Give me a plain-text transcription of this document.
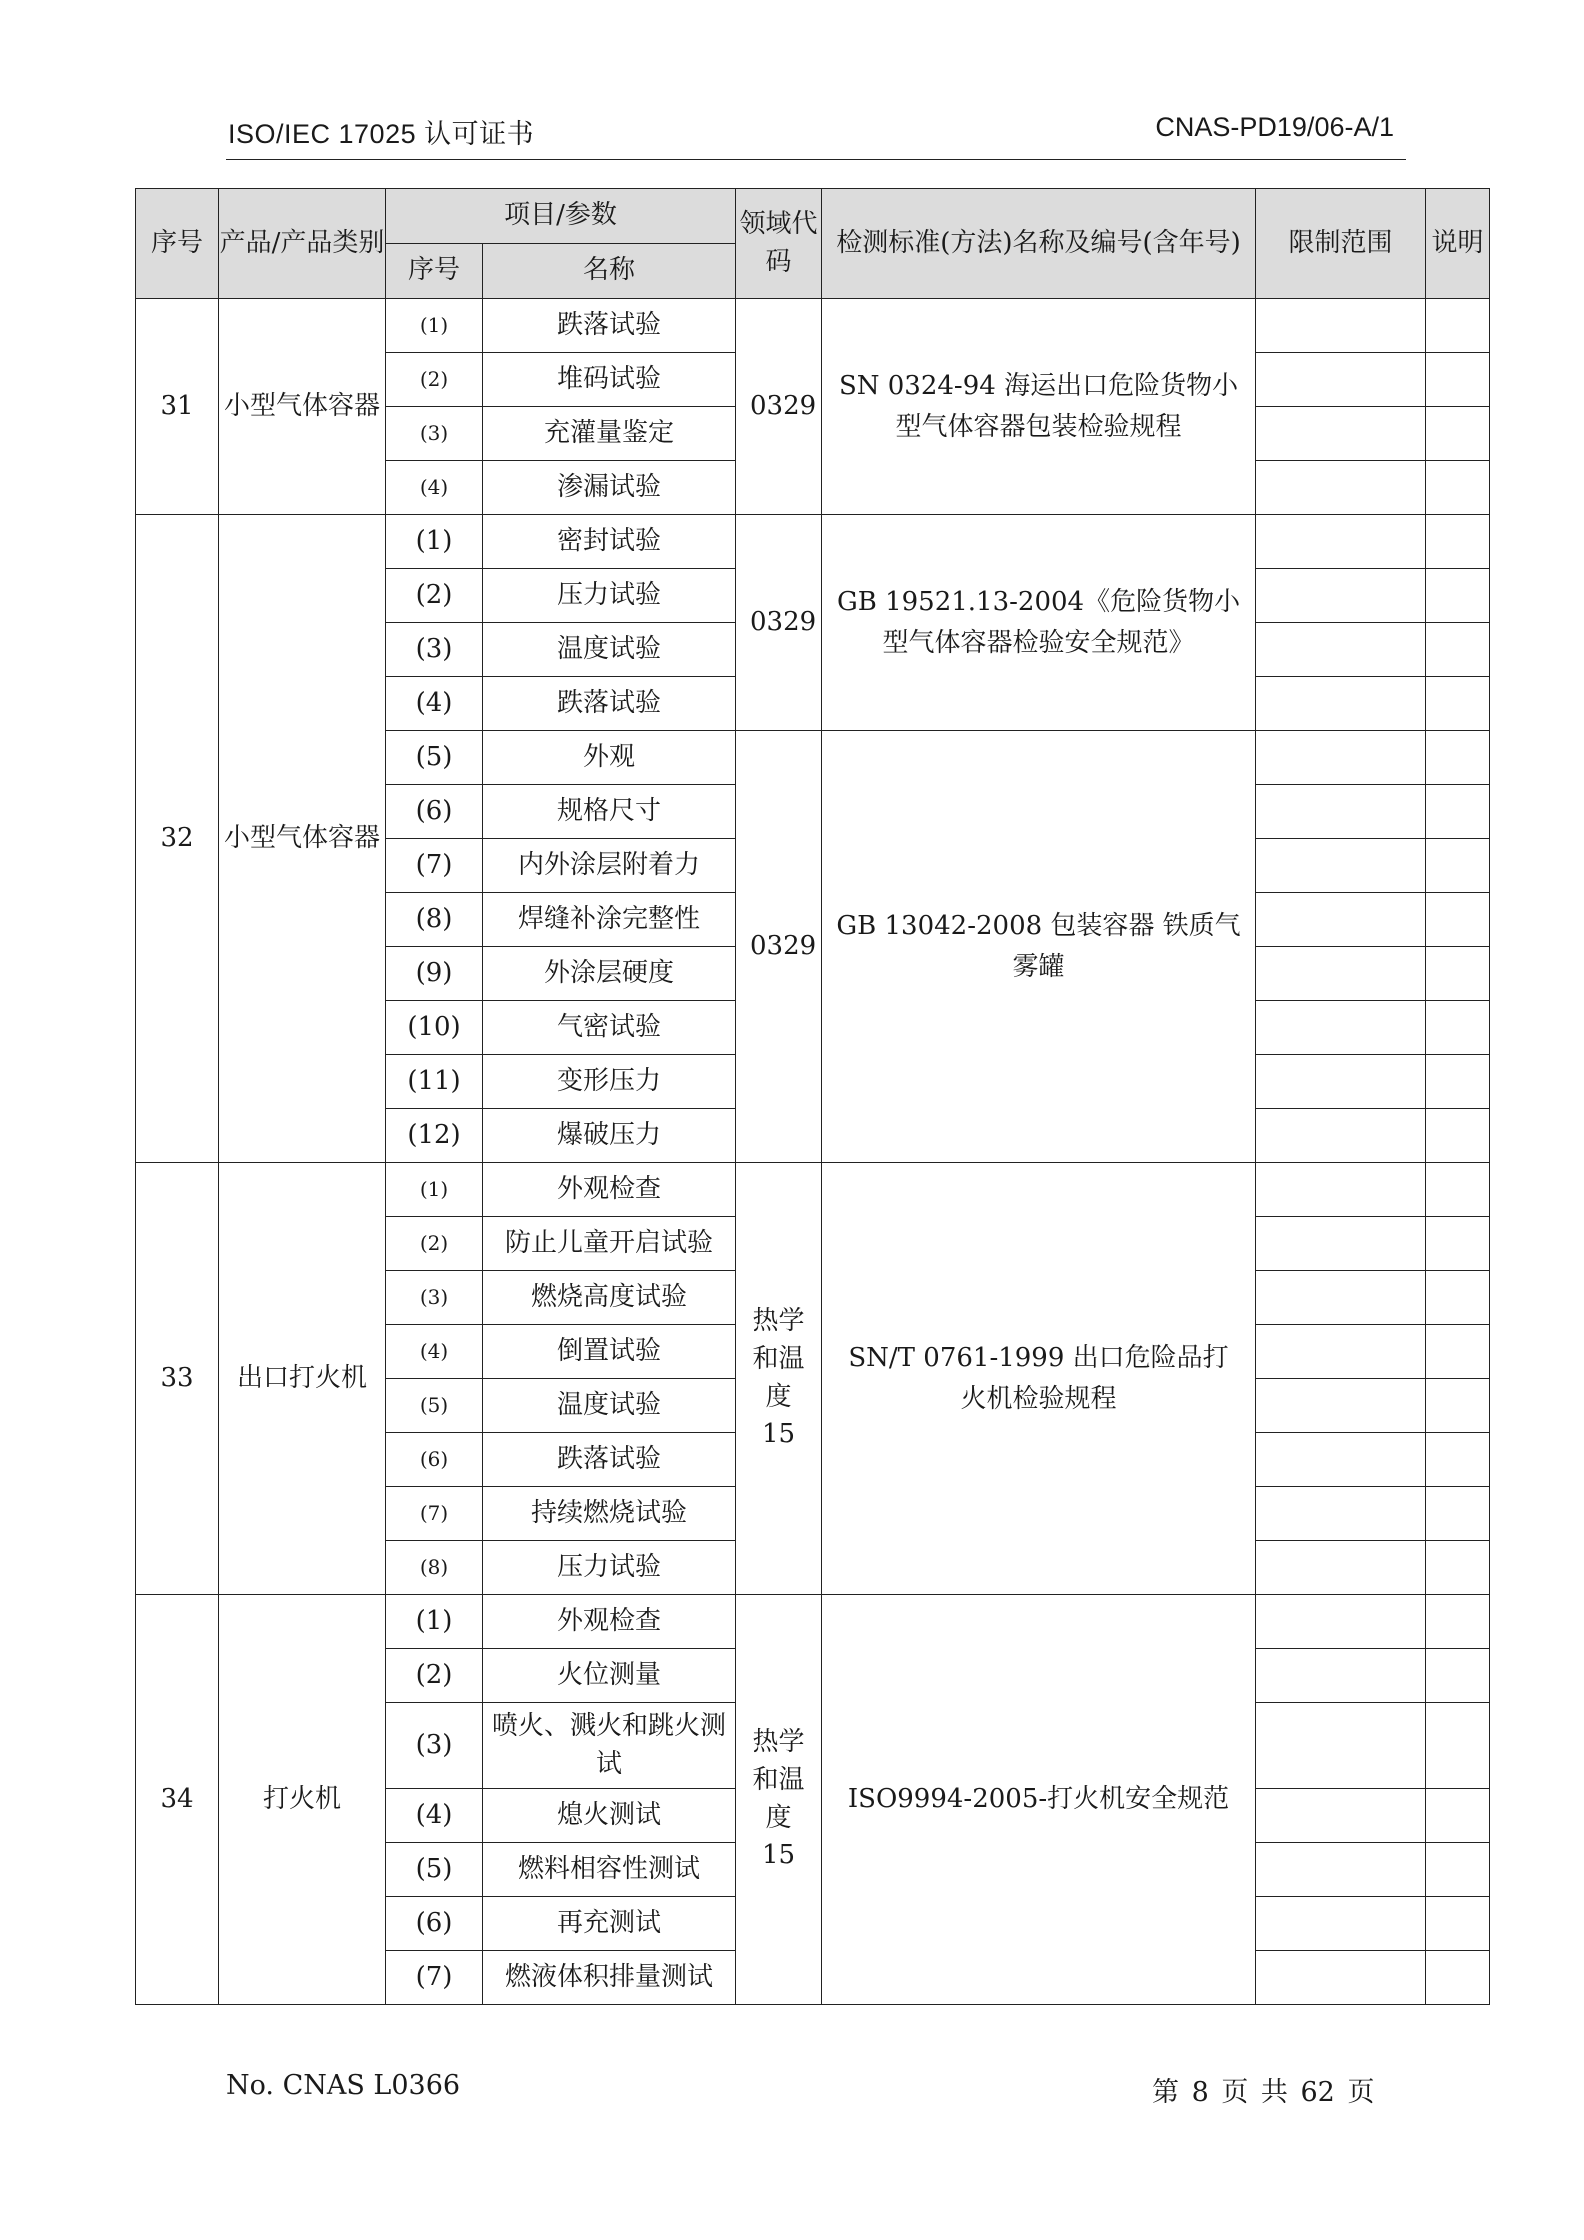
ISO/IEC 17025 认可证书	CNAS-PD19/06-A/1
序号	产品/产品类别	项目/参数		领域代码	检测标准(方法)名称及编号(含年号)	限制范围	说明
		序号	名称				
31	小型气体容器	(1)	跌落试验	0329	SN 0324-94 海运出口危险货物小型气体容器包装检验规程		
		(2)	堆码试验				
		(3)	充灌量鉴定				
		(4)	渗漏试验				
32	小型气体容器	(1)	密封试验	0329	GB 19521.13-2004《危险货物小型气体容器检验安全规范》		
		(2)	压力试验				
		(3)	温度试验				
		(4)	跌落试验				
		(5)	外观	0329	GB 13042-2008 包装容器 铁质气雾罐		
		(6)	规格尺寸				
		(7)	内外涂层附着力				
		(8)	焊缝补涂完整性				
		(9)	外涂层硬度				
		(10)	气密试验				
		(11)	变形压力				
		(12)	爆破压力				
33	出口打火机	(1)	外观检查	热学和温度15	SN/T 0761-1999 出口危险品打火机检验规程		
		(2)	防止儿童开启试验				
		(3)	燃烧高度试验				
		(4)	倒置试验				
		(5)	温度试验				
		(6)	跌落试验				
		(7)	持续燃烧试验				
		(8)	压力试验				
34	打火机	(1)	外观检查	热学和温度15	ISO9994-2005-打火机安全规范		
		(2)	火位测量				
		(3)	喷火、溅火和跳火测试				
		(4)	熄火测试				
		(5)	燃料相容性测试				
		(6)	再充测试				
		(7)	燃液体积排量测试				
No. CNAS L0366	第 8 页 共 62 页
